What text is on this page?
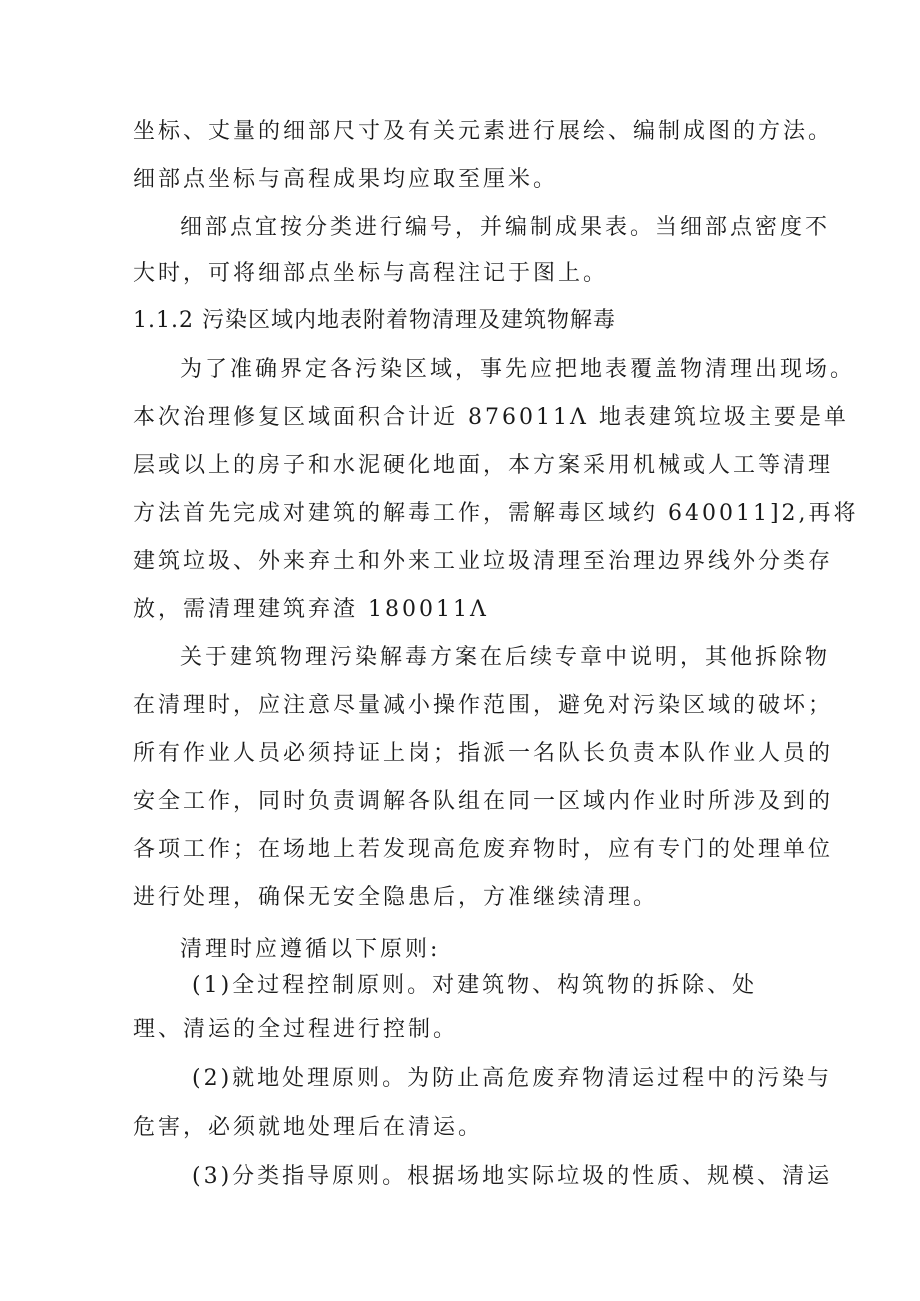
坐标、丈量的细部尺寸及有关元素进行展绘、编制成图的方法。
细部点坐标与高程成果均应取至厘米。
细部点宜按分类进行编号，并编制成果表。当细部点密度不
大时，可将细部点坐标与高程注记于图上。
1.1.2 污染区域内地表附着物清理及建筑物解毒
为了准确界定各污染区域，事先应把地表覆盖物清理出现场。
本次治理修复区域面积合计近 876011Λ 地表建筑垃圾主要是单
层或以上的房子和水泥硬化地面，本方案采用机械或人工等清理
方法首先完成对建筑的解毒工作，需解毒区域约 640011]2,再将
建筑垃圾、外来弃土和外来工业垃圾清理至治理边界线外分类存
放，需清理建筑弃渣 180011Λ
关于建筑物理污染解毒方案在后续专章中说明，其他拆除物
在清理时，应注意尽量减小操作范围，避免对污染区域的破坏；
所有作业人员必须持证上岗；指派一名队长负责本队作业人员的
安全工作，同时负责调解各队组在同一区域内作业时所涉及到的
各项工作；在场地上若发现高危废弃物时，应有专门的处理单位
进行处理，确保无安全隐患后，方准继续清理。
清理时应遵循以下原则:
(1)全过程控制原则。对建筑物、构筑物的拆除、处
理、清运的全过程进行控制。
(2)就地处理原则。为防止高危废弃物清运过程中的污染与
危害，必须就地处理后在清运。
(3)分类指导原则。根据场地实际垃圾的性质、规模、清运
